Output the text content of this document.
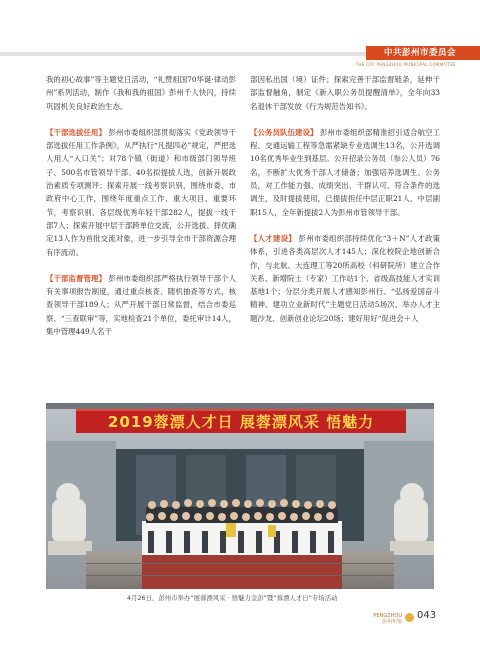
中共彭州市委员会
THE CPC PENGZHOU MUNICIPAL COMMITTEE

我的初心故事”等主题党日活动，“礼赞祖国70华诞·律动彭州”系列活动，制作《我和我的祖国》彭州千人快闪，持续巩固机关良好政治生态。

【干部选拔任用】 彭州市委组织部贯彻落实《党政领导干部选拔任用工作条例》，从严执行“凡提四必”规定，严把选人用人“入口关”；对78个镇（街道）和市级部门领导班子、500名市管领导干部、40名拟提拔人选，创新开展政治素质专项测评；探索开展一线考察识别，围绕市委、市政府中心工作，围绕年度重点工作、重大项目、重要环节，考察识别、各层级优秀年轻干部282人，提拔一线干部7人；探索开展中层干部跨单位交流，公开选拔、择优确定13人作为首批交流对象，进一步引导全市干部资源合理有序流动。

【干部监督管理】 彭州市委组织部严格执行领导干部个人有关事项报告制度，通过重点核查、随机抽查等方式，核查领导干部189人；从严开展干部日常监督，结合市委巡察、“三查联审”等，实地检查21个单位，委托审计14人，集中管理449人名干

部因私出国（境）证件；探索完善干部监督链条，延伸干部监督触角，制定《新入职公务员提醒清单》，全年向33名退休干部发放《行为规范告知书》。

【公务员队伍建设】 彭州市委组织部精准招引适合航空工程、交通运输工程等急需紧缺专业选调生13名，公开选调10名优秀毕业生到基层。公开招录公务员（参公人员）76名，不断扩大优秀干部人才储备；加强培养选调生、公务员，对工作能力强、成绩突出、干群认可、符合条件的选调生，及时提拔使用，已提拔担任中层正职21人、中层副职15人，全年新提拔2人为彭州市管领导干部。

【人才建设】 彭州市委组织部持续优化“3＋N”人才政策体系，引进各类高层次人才145人；深化校院企地创新合作，与北航、大连理工等20所高校（科研院所）建立合作关系、新增院士（专家）工作站1个、省级高技能人才实训基地1个；分层分类开展人才感知彭州行、“弘扬爱国奋斗精神、建功立业新时代”主题党日活动5场次、举办人才主题沙龙、创新创业论坛20场；建好用好“促进会＋人

2019蓉漂人才日 展蓉漂风采 悟魅力
4月26日，彭州市举办“展蓉漂风采 · 悟魅力金彭”暨“蓉漂人才日”专场活动
PENGZHOU
彭州年鉴
043
